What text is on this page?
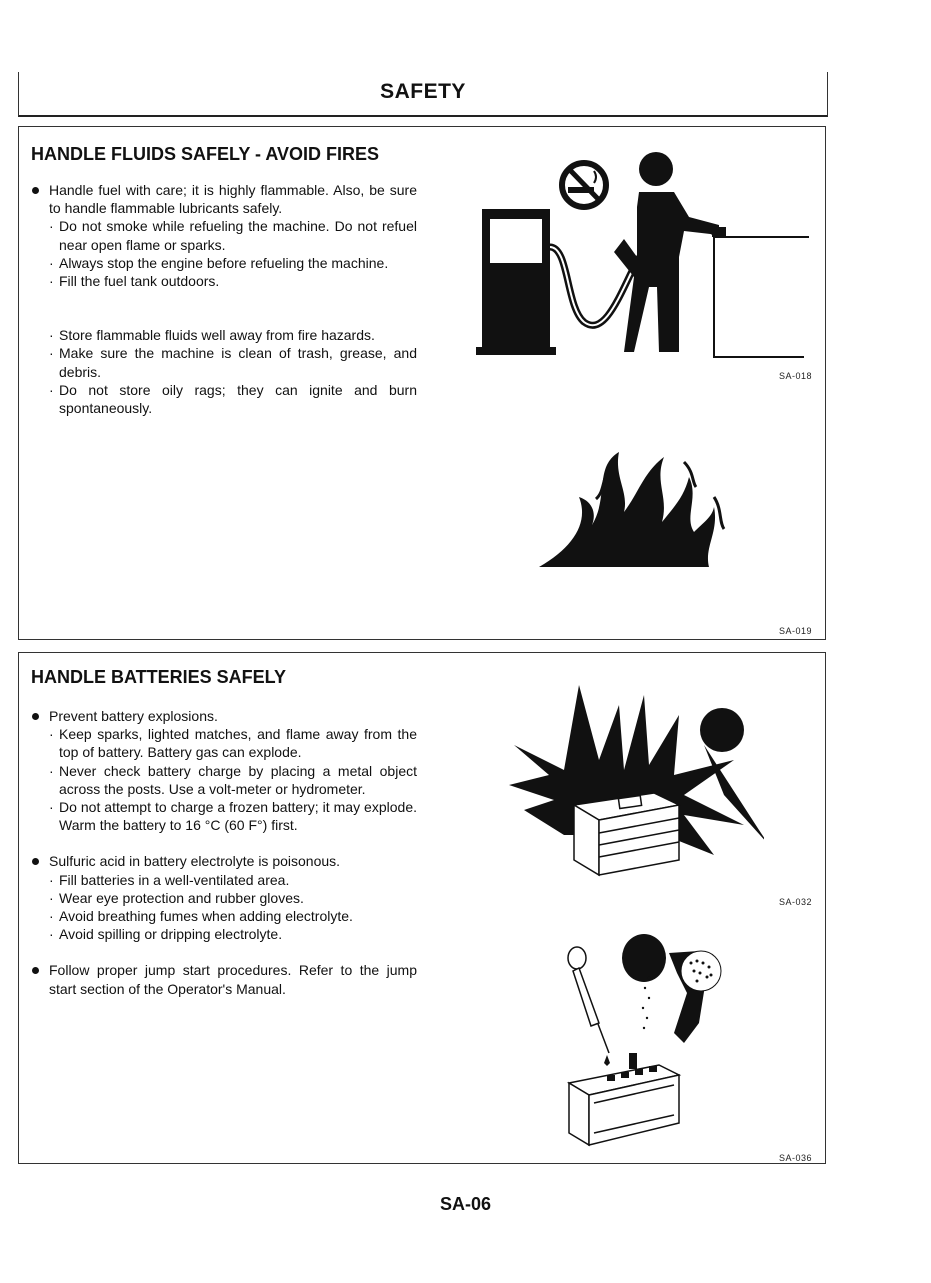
SAFETY
HANDLE FLUIDS SAFELY - AVOID FIRES
Handle fuel with care; it is highly flammable. Also, be sure to handle flammable lubricants safely.
· Do not smoke while refueling the machine. Do not refuel near open flame or sparks.
· Always stop the engine before refueling the machine.
· Fill the fuel tank outdoors.
· Store flammable fluids well away from fire hazards.
· Make sure the machine is clean of trash, grease, and debris.
· Do not store oily rags; they can ignite and burn spontaneously.
SA-018
SA-019
HANDLE BATTERIES SAFELY
Prevent battery explosions.
· Keep sparks, lighted matches, and flame away from the top of battery. Battery gas can explode.
· Never check battery charge by placing a metal object across the posts. Use a volt-meter or hydrometer.
· Do not attempt to charge a frozen battery; it may explode. Warm the battery to 16 °C (60 F°) first.
Sulfuric acid in battery electrolyte is poisonous.
· Fill batteries in a well-ventilated area.
· Wear eye protection and rubber gloves.
· Avoid breathing fumes when adding electrolyte.
· Avoid spilling or dripping electrolyte.
Follow proper jump start procedures. Refer to the jump start section of the Operator's Manual.
SA-032
SA-036
SA-06
